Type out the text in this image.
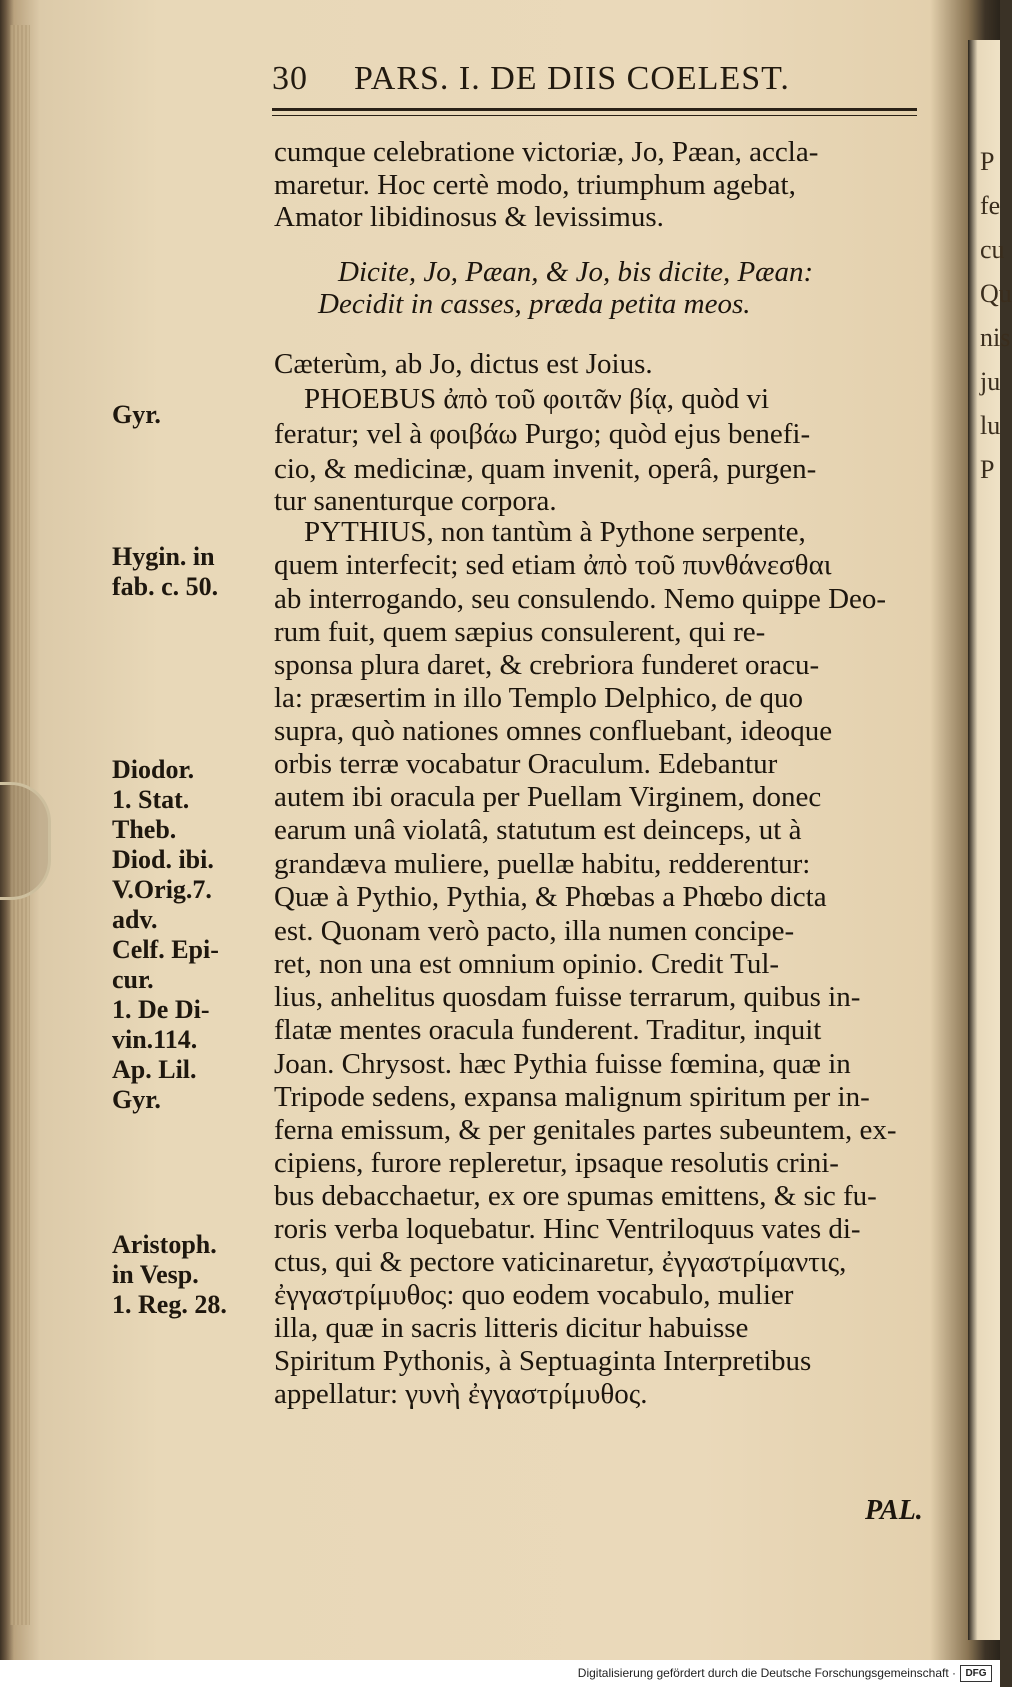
P
fe
cu
Qu
nis
ju
lu
P
30 PARS. I. DE DIIS COELEST.
cumque celebratione victoriæ, Jo, Pæan, accla-
maretur. Hoc certè modo, triumphum agebat,
Amator libidinosus & levissimus.
Dicite, Jo, Pæan, & Jo, bis dicite, Pæan:
Decidit in casses, præda petita meos.
Cæterùm, ab Jo, dictus est Joius.
PHOEBUS ἀπὸ τοῦ φοιτᾶν βίᾳ, quòd vi
feratur; vel à φοιβάω Purgo; quòd ejus benefi-
cio, & medicinæ, quam invenit, operâ, purgen-
tur sanenturque corpora.
PYTHIUS, non tantùm à Pythone serpente,
quem interfecit; sed etiam ἀπὸ τοῦ πυνθάνεσθαι
ab interrogando, seu consulendo. Nemo quippe Deo-
rum fuit, quem sæpius consulerent, qui re-
sponsa plura daret, & crebriora funderet oracu-
la: præsertim in illo Templo Delphico, de quo
supra, quò nationes omnes confluebant, ideoque
orbis terræ vocabatur Oraculum. Edebantur
autem ibi oracula per Puellam Virginem, donec
earum unâ violatâ, statutum est deinceps, ut à
grandæva muliere, puellæ habitu, redderentur:
Quæ à Pythio, Pythia, & Phœbas a Phœbo dicta
est. Quonam verò pacto, illa numen concipe-
ret, non una est omnium opinio. Credit Tul-
lius, anhelitus quosdam fuisse terrarum, quibus in-
flatæ mentes oracula funderent. Traditur, inquit
Joan. Chrysost. hæc Pythia fuisse fœmina, quæ in
Tripode sedens, expansa malignum spiritum per in-
ferna emissum, & per genitales partes subeuntem, ex-
cipiens, furore repleretur, ipsaque resolutis crini-
bus debacchaetur, ex ore spumas emittens, & sic fu-
roris verba loquebatur. Hinc Ventriloquus vates di-
ctus, qui & pectore vaticinaretur, ἐγγαστρίμαντις,
ἐγγαστρίμυθος: quo eodem vocabulo, mulier
illa, quæ in sacris litteris dicitur habuisse
Spiritum Pythonis, à Septuaginta Interpretibus
appellatur: γυνὴ ἐγγαστρίμυθος.
Gyr.
Hygin. in
fab. c. 50.
Diodor.
1. Stat.
Theb.
Diod. ibi.
V.Orig.7.
adv.
Celf. Epi-
cur.
1. De Di-
vin.114.
Ap. Lil.
Gyr.
Aristoph.
in Vesp.
1. Reg. 28.
PAL.
Digitalisierung gefördert durch die Deutsche Forschungsgemeinschaft · DFG
